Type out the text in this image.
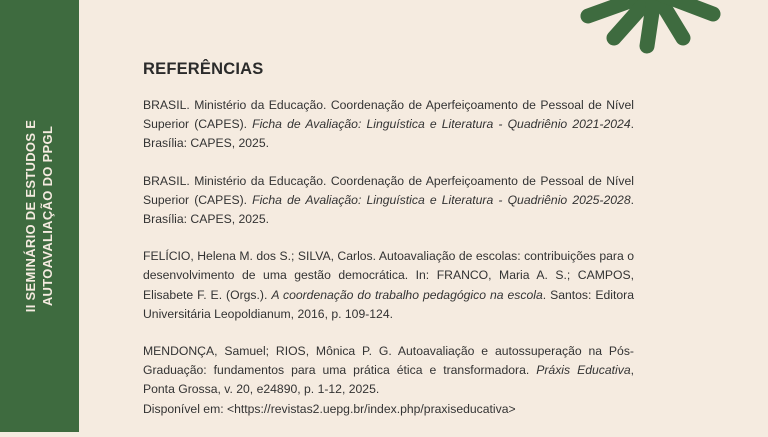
II SEMINÁRIO DE ESTUDOS E AUTOAVALIAÇÃO DO PPGL
REFERÊNCIAS

BRASIL. Ministério da Educação. Coordenação de Aperfeiçoamento de Pessoal de Nível Superior (CAPES). Ficha de Avaliação: Linguística e Literatura - Quadriênio 2021-2024. Brasília: CAPES, 2025.

BRASIL. Ministério da Educação. Coordenação de Aperfeiçoamento de Pessoal de Nível Superior (CAPES). Ficha de Avaliação: Linguística e Literatura - Quadriênio 2025-2028. Brasília: CAPES, 2025.

FELÍCIO, Helena M. dos S.; SILVA, Carlos. Autoavaliação de escolas: contribuições para o desenvolvimento de uma gestão democrática. In: FRANCO, Maria A. S.; CAMPOS, Elisabete F. E. (Orgs.). A coordenação do trabalho pedagógico na escola. Santos: Editora Universitária Leopoldianum, 2016, p. 109-124.

MENDONÇA, Samuel; RIOS, Mônica P. G. Autoavaliação e autossuperação na Pós-Graduação: fundamentos para uma prática ética e transformadora. Práxis Educativa, Ponta Grossa, v. 20, e24890, p. 1-12, 2025.
Disponível em: <https://revistas2.uepg.br/index.php/praxiseducativa>
